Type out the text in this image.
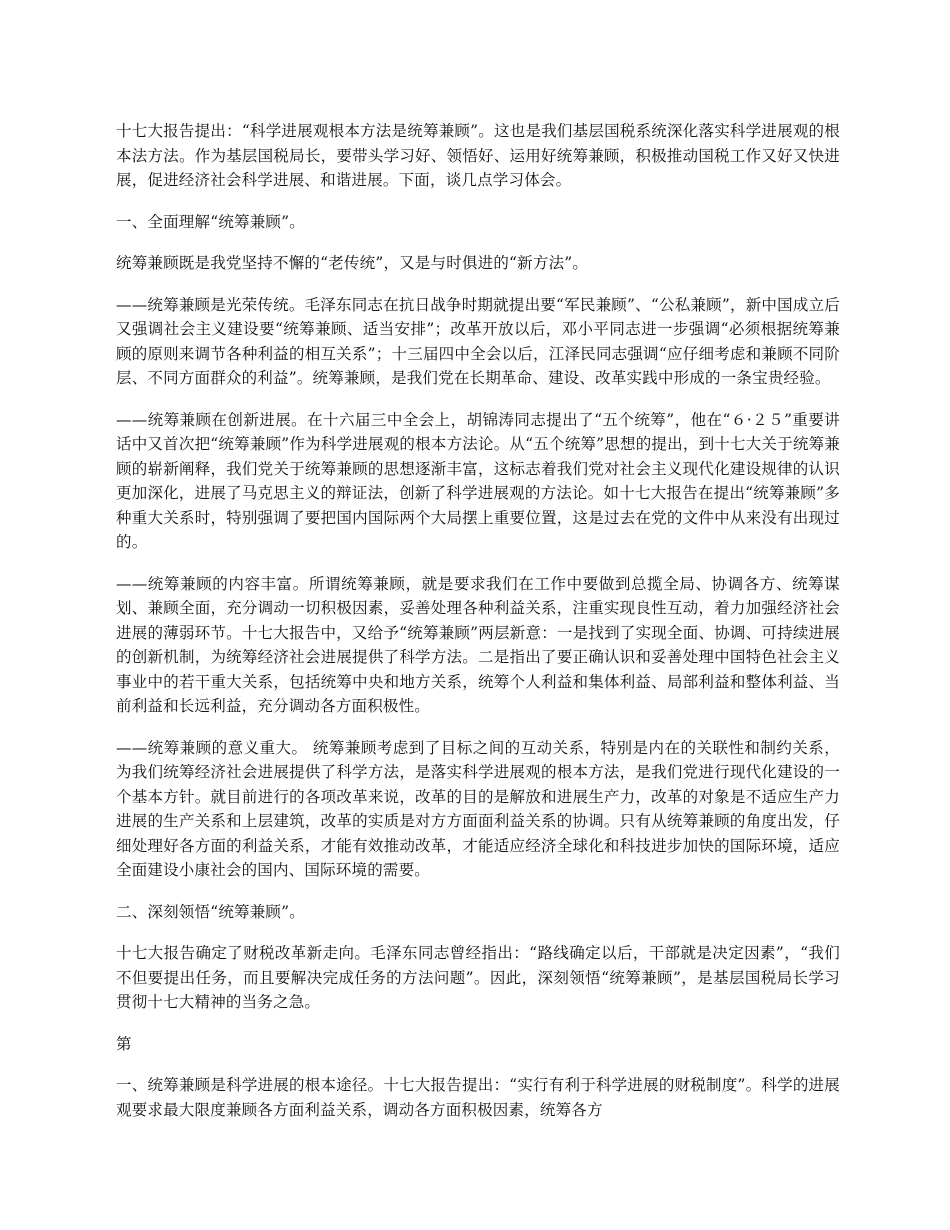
十七大报告提出：“科学进展观根本方法是统筹兼顾”。这也是我们基层国税系统深化落实科学进展观的根本法方法。作为基层国税局长，要带头学习好、领悟好、运用好统筹兼顾，积极推动国税工作又好又快进展，促进经济社会科学进展、和谐进展。下面，谈几点学习体会。

一、全面理解“统筹兼顾”。

统筹兼顾既是我党坚持不懈的“老传统”，又是与时俱进的“新方法”。

——统筹兼顾是光荣传统。毛泽东同志在抗日战争时期就提出要“军民兼顾”、“公私兼顾”，新中国成立后又强调社会主义建设要“统筹兼顾、适当安排”；改革开放以后，邓小平同志进一步强调“必须根据统筹兼顾的原则来调节各种利益的相互关系”；十三届四中全会以后，江泽民同志强调“应仔细考虑和兼顾不同阶层、不同方面群众的利益”。统筹兼顾，是我们党在长期革命、建设、改革实践中形成的一条宝贵经验。

——统筹兼顾在创新进展。在十六届三中全会上，胡锦涛同志提出了“五个统筹”，他在“６·２５”重要讲话中又首次把“统筹兼顾”作为科学进展观的根本方法论。从“五个统筹”思想的提出，到十七大关于统筹兼顾的崭新阐释，我们党关于统筹兼顾的思想逐渐丰富，这标志着我们党对社会主义现代化建设规律的认识更加深化，进展了马克思主义的辩证法，创新了科学进展观的方法论。如十七大报告在提出“统筹兼顾”多种重大关系时，特别强调了要把国内国际两个大局摆上重要位置，这是过去在党的文件中从来没有出现过的。

——统筹兼顾的内容丰富。所谓统筹兼顾，就是要求我们在工作中要做到总揽全局、协调各方、统筹谋划、兼顾全面，充分调动一切积极因素，妥善处理各种利益关系，注重实现良性互动，着力加强经济社会进展的薄弱环节。十七大报告中，又给予“统筹兼顾”两层新意：一是找到了实现全面、协调、可持续进展的创新机制，为统筹经济社会进展提供了科学方法。二是指出了要正确认识和妥善处理中国特色社会主义事业中的若干重大关系，包括统筹中央和地方关系，统筹个人利益和集体利益、局部利益和整体利益、当前利益和长远利益，充分调动各方面积极性。

——统筹兼顾的意义重大。 统筹兼顾考虑到了目标之间的互动关系，特别是内在的关联性和制约关系，为我们统筹经济社会进展提供了科学方法，是落实科学进展观的根本方法，是我们党进行现代化建设的一个基本方针。就目前进行的各项改革来说，改革的目的是解放和进展生产力，改革的对象是不适应生产力进展的生产关系和上层建筑，改革的实质是对方方面面利益关系的协调。只有从统筹兼顾的角度出发，仔细处理好各方面的利益关系，才能有效推动改革，才能适应经济全球化和科技进步加快的国际环境，适应全面建设小康社会的国内、国际环境的需要。

二、深刻领悟“统筹兼顾”。

十七大报告确定了财税改革新走向。毛泽东同志曾经指出：“路线确定以后，干部就是决定因素”，“我们不但要提出任务，而且要解决完成任务的方法问题”。因此，深刻领悟“统筹兼顾”，是基层国税局长学习贯彻十七大精神的当务之急。

第

一、统筹兼顾是科学进展的根本途径。十七大报告提出：“实行有利于科学进展的财税制度”。科学的进展观要求最大限度兼顾各方面利益关系，调动各方面积极因素，统筹各方
